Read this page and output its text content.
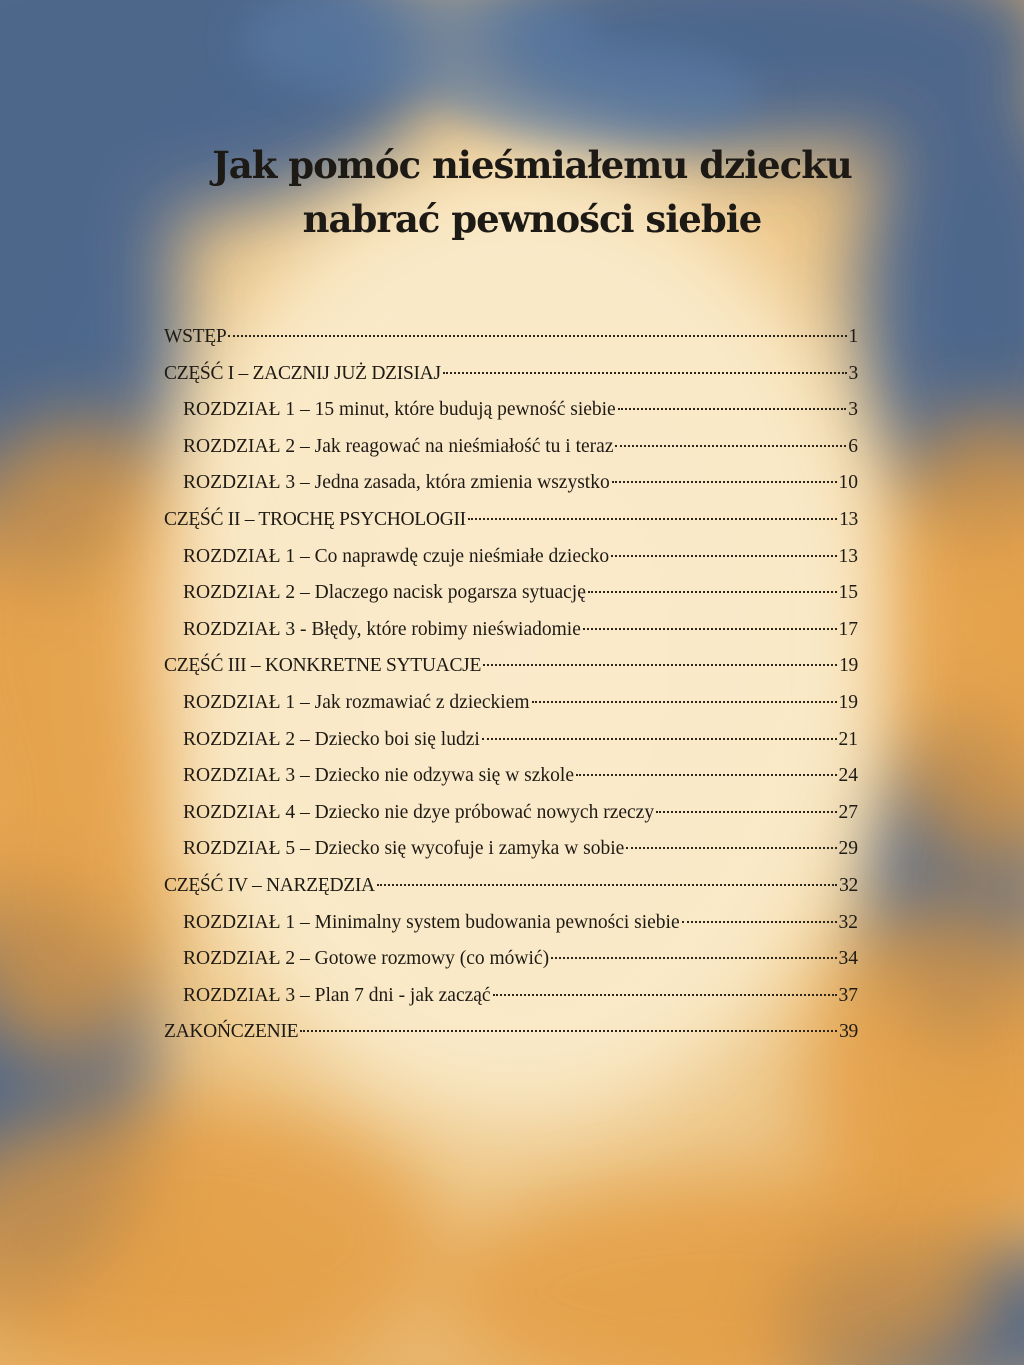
Jak pomóc nieśmiałemu dziecku
nabrać pewności siebie
WSTĘP	1
CZĘŚĆ I – ZACZNIJ JUŻ DZISIAJ	3
ROZDZIAŁ 1 – 15 minut, które budują pewność siebie	3
ROZDZIAŁ 2 – Jak reagować na nieśmiałość tu i teraz	6
ROZDZIAŁ 3 – Jedna zasada, która zmienia wszystko	10
CZĘŚĆ II – TROCHĘ PSYCHOLOGII	13
ROZDZIAŁ 1 – Co naprawdę czuje nieśmiałe dziecko	13
ROZDZIAŁ 2 – Dlaczego nacisk pogarsza sytuację	15
ROZDZIAŁ 3 - Błędy, które robimy nieświadomie	17
CZĘŚĆ III – KONKRETNE SYTUACJE	19
ROZDZIAŁ 1 – Jak rozmawiać z dzieckiem	19
ROZDZIAŁ 2 – Dziecko boi się ludzi	21
ROZDZIAŁ 3 – Dziecko nie odzywa się w szkole	24
ROZDZIAŁ 4 – Dziecko nie dzye próbować nowych rzeczy	27
ROZDZIAŁ 5 – Dziecko się wycofuje i zamyka w sobie	29
CZĘŚĆ IV – NARZĘDZIA	32
ROZDZIAŁ 1 – Minimalny system budowania pewności siebie	32
ROZDZIAŁ 2 – Gotowe rozmowy (co mówić)	34
ROZDZIAŁ 3 – Plan 7 dni - jak zacząć	37
ZAKOŃCZENIE	39
